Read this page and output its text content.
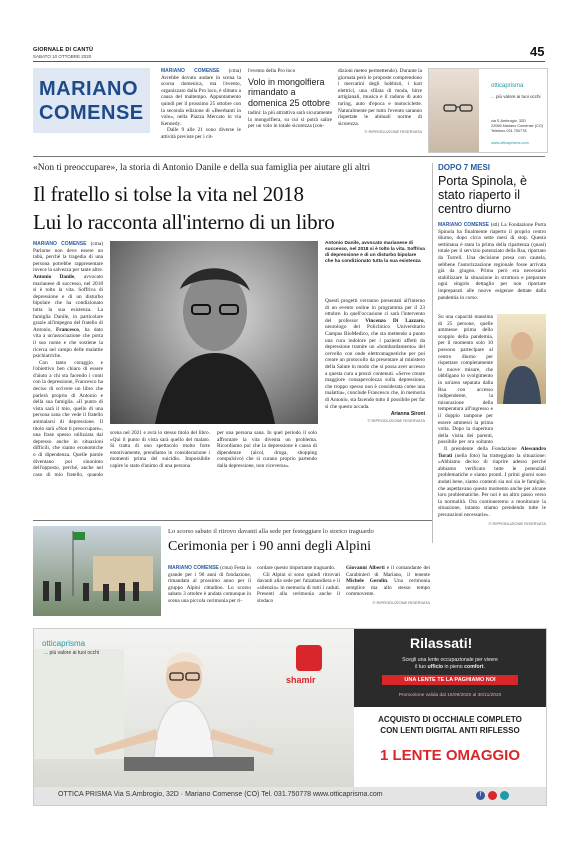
GIORNALE DI CANTÙ
SABATO 10 OTTOBRE 2020	45
MARIANO
COMENSE
MARIANO COMENSE (cma) Avrebbe dovuto andare in scena la scorsa domenica, ma l'evento, organizzato dalla Pro loco, è slittato a causa del maltempo. Appuntamento quindi per il prossimo 25 ottobre con la seconda edizione di «Beerbanti in volo», nella Piazza Mercato in via Kennedy.
Dalle 9 alle 21 sono diverse le attività previste per i cit-
l'evento della Pro loco
Volo in mongolfiera rimandato a domenica 25 ottobre
tadini: la più attrattiva sarà sicuramente la mongolfiera, su cui si potrà salire per un volo in totale sicurezza (con-
dizioni meteo permettendo). Durante la giornata però le proposte comprendono i mercatini degli hobbisti, i kart elettrici, una sfilata di moda, birre artigianali, musica e il raduno di auto turing, auto d'epoca e motociclette. Naturalmente per tutto l'evento saranno rispettate le abituali norme di sicurezza.
© RIPRODUZIONE RISERVATA
otticaprisma
... più valore ai tuoi occhi
via S.Ambrogio, 32D
22066 Mariano Comense (CO)
Telefono 031.750778
www.otticaprisma.com
«Non ti preoccupare», la storia di Antonio Danile e della sua famiglia per aiutare gli altri
Il fratello si tolse la vita nel 2018
Lui lo racconta all'interno di un libro
MARIANO COMENSE (cma) Parlarne non deve essere un tabù, perché la tragedia di una persona potrebbe rappresentare invece la salvezza per tante altre. Antonio Danile, avvocato marianese di successo, nel 2018 si è tolto la vita. Soffriva di depressione e di un disturbo bipolare che ha condizionato tutta la sua esistenza. La famiglia Danile, in particolare grazie all'impegno del fratello di Antonio, Francesco, ha dato vita a un'associazione che porta il suo nome e che sostiene la ricerca nel campo delle malattie psichiatriche.
Con tanto coraggio e l'obiettivo ben chiaro di essere d'aiuto a chi sta facendo i conti con la depressione, Francesco ha deciso di scrivere un libro che parlerà proprio di Antonio e della sua famiglia. «Il punto di vista sarà il mio, quello di una persona sana che vede il fratello ammalarsi di depressione. Il titolo sarà «Non ti preoccupare», una frase spesso utilizzata dal depresso anche in situazioni difficili, che siamo economiche o di dipendenza. Quelle parole diventano poi sinonimo dell'opposto, perché, anche nel caso di mio fratello, quando
scena nel 2021 e avrà lo stesso titolo del libro. «Qui il punto di vista sarà quello del malato. Si tratta di uno spettacolo molto forte emotivamente, prendiamo in considerazione i momenti prima del suicidio. Impossibile capire lo stato d'animo di una persona
per una persona sana. In quel periodo il solo affrontare la vita diventa un problema. Ricordiamo poi che la depressione è causa di dipendenze (alcol, droga, shopping compulsivo) che si curano proprio partendo dalla depressione, non viceversa».
Antonio Danile, avvocato marianese di successo, nel 2018 si è tolto la vita. Soffriva di depressione e di un disturbo bipolare che ha condizionato tutta la sua esistenza
Questi progetti verranno presentati all'interno di un evento online in programma per il 23 ottobre. In quell'occasione ci sarà l'intervento del professor Vincenzo Di Lazzaro, neurologo del Policlinico Universitario Campus BioMedico, che sta mettendo a punto una cura indolore per i pazienti affetti da depressione tramite un «bombardamento» del cervello con onde elettromagnetiche per poi creare un protocollo da presentare al ministero della Salute in modo che si possa aver accesso a questa cura a prezzi contenuti. «Serve creare maggiore consapevolezza sulla depressione, che troppo spesso non è considerata come una malattia», conclude Francesco che, in memoria di Antonio, sta facendo tutto il possibile per far sì che questo accada.
Arianna Sironi
© RIPRODUZIONE RISERVATA
DOPO 7 MESI
Porta Spinola, è stato riaperto il centro diurno
MARIANO COMENSE (stl) La Fondazione Porta Spinola ha finalmente riaperto il proprio centro diurno, dopo circa sette mesi di stop. Questa settimana è stata la prima della ripartenza (quasi) totale per il servizio potenziato della Rsa, riportato da Turrell. Una decisione presa con cautela, sebbene l'autorizzazione regionale fosse arrivata già da giugno. Prima però era necessario stabilizzare la situazione in struttura e preparare ogni singolo dettaglio per non riportare impreparati alle nuove esigenze dettate dalla pandemia in corso.
Su una capacità massima di 25 persone, quelle ammesse prima dello scoppio della pandemia, per il momento solo 10 possono partecipare al centro diurno per rispettare completamente le nuove misure, che obbligano lo svolgimento in un'area separata dalla Rsa con accesso indipendente, la misurazione della temperatura all'ingresso e il doppio tampone per essere ammessi la prima volta. Dopo la riapertura della visita dei parenti, possibile per ora soltanto
Il presidente della Fondazione Alessandro Turati (nella foto) ha tratteggiato la situazione: «Abbiamo deciso di riaprire adesso perché abbiamo verificato tutte le potenziali problematiche e siamo pronti. I primi giorni sono andati bene, siamo contenti sia noi sia le famiglie, che aspettavano questo momento anche per alcune loro problematiche. Per noi è un altro passo verso la normalità. Ora continueremo a monitorare la situazione, intanto stiamo prendendo tutte le precauzioni necessarie».
© RIPRODUZIONE RISERVATA
Lo scorso sabato il ritrovo davanti alla sede per festeggiare lo storico traguardo
Cerimonia per i 90 anni degli Alpini
MARIANO COMENSE (cma) Festa in grande per i 90 anni di fondazione, rimandata al prossimo anno per il gruppo Alpini cittadino. Lo scorso sabato 3 ottobre è andata comunque in scena una piccola cerimonia per ri-
cordare questo importante traguardo.
Gli Alpini si sono quindi ritrovati davanti alla sede per l'alzabandiera e il «silenzio» in memoria di tutti i caduti. Presenti alla cerimonia anche il sindaco
Giovanni Alberti e il comandante dei Carabinieri di Mariano, il tenente Michele Gerolin. Una cerimonia semplice ma allo stesso tempo commovente.
© RIPRODUZIONE RISERVATA
otticaprisma
... più valore ai tuoi occhi
shamir
Rilassati!
Scegli una lente occupazionale per vivere
il tuo ufficio in pieno comfort.
UNA LENTE TE LA PAGHIAMO NOI
Promozione valida dal 16/09/2020 al 30/11/2020
ACQUISTO DI OCCHIALE COMPLETO
CON LENTI DIGITAL ANTI RIFLESSO
1 LENTE OMAGGIO
OTTICA PRISMA Via S.Ambrogio, 32D · Mariano Comense (CO) Tel. 031.750778 www.otticaprisma.com	f
